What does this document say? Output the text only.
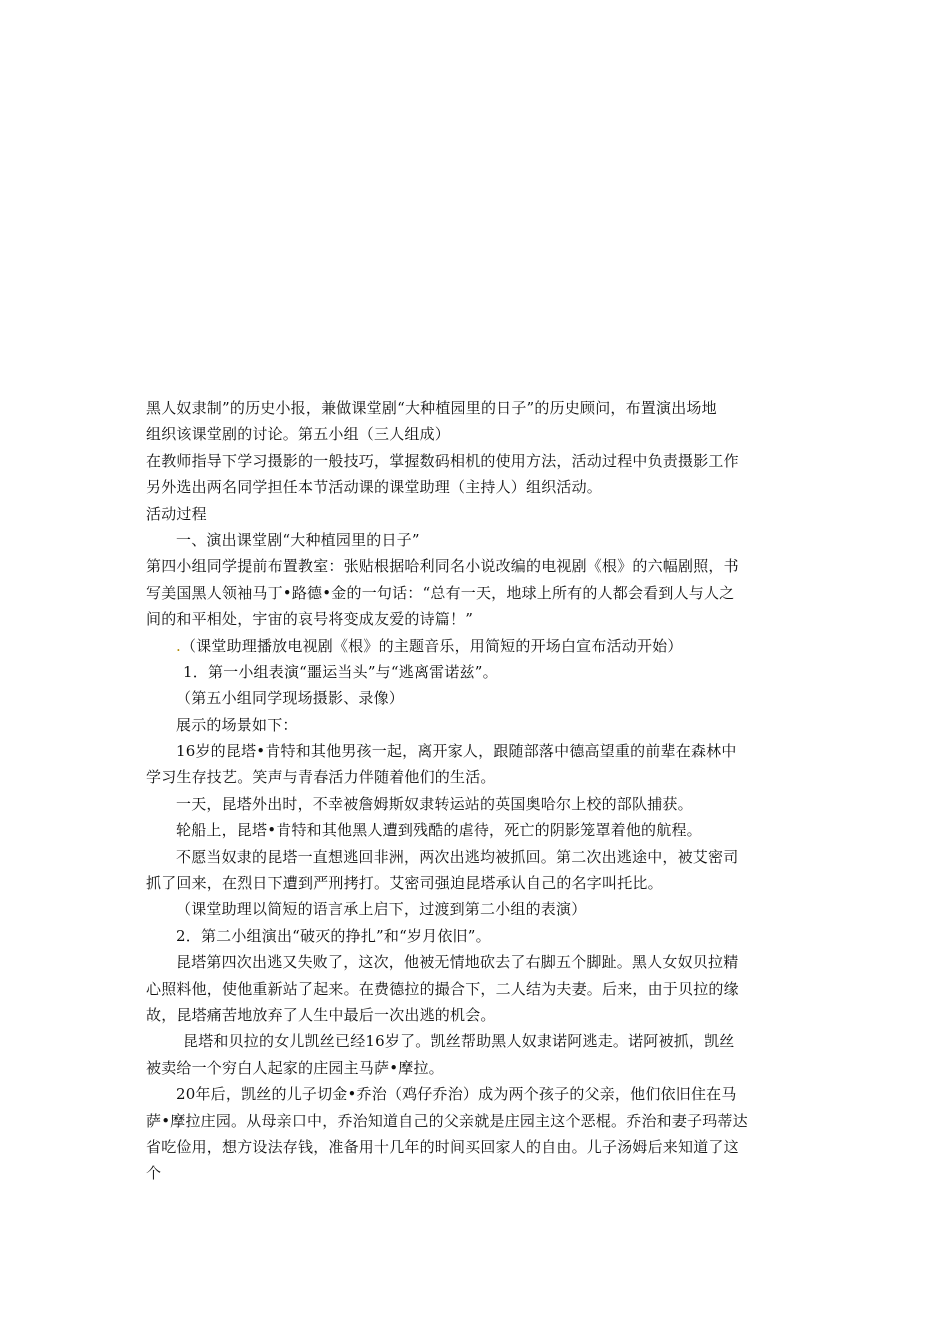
黑人奴隶制”的历史小报，兼做课堂剧“大种植园里的日子”的历史顾问，布置演出场地
组织该课堂剧的讨论。第五小组（三人组成）
在教师指导下学习摄影的一般技巧，掌握数码相机的使用方法，活动过程中负责摄影工作
另外选出两名同学担任本节活动课的课堂助理（主持人）组织活动。
活动过程
一、演出课堂剧“大种植园里的日子”
第四小组同学提前布置教室：张贴根据哈利同名小说改编的电视剧《根》的六幅剧照，书
写美国黑人领袖马丁•路德•金的一句话：“总有一天，地球上所有的人都会看到人与人之
间的和平相处，宇宙的哀号将变成友爱的诗篇！”
.（课堂助理播放电视剧《根》的主题音乐，用简短的开场白宣布活动开始）
1．第一小组表演“噩运当头”与“逃离雷诺兹”。
（第五小组同学现场摄影、录像）
展示的场景如下：
16岁的昆塔•肯特和其他男孩一起，离开家人，跟随部落中德高望重的前辈在森林中
学习生存技艺。笑声与青春活力伴随着他们的生活。
一天，昆塔外出时，不幸被詹姆斯奴隶转运站的英国奥哈尔上校的部队捕获。
轮船上，昆塔•肯特和其他黑人遭到残酷的虐待，死亡的阴影笼罩着他的航程。
不愿当奴隶的昆塔一直想逃回非洲，两次出逃均被抓回。第二次出逃途中，被艾密司
抓了回来，在烈日下遭到严刑拷打。艾密司强迫昆塔承认自己的名字叫托比。
（课堂助理以简短的语言承上启下，过渡到第二小组的表演）
2．第二小组演出“破灭的挣扎”和“岁月依旧”。
昆塔第四次出逃又失败了，这次，他被无情地砍去了右脚五个脚趾。黑人女奴贝拉精
心照料他，使他重新站了起来。在费德拉的撮合下，二人结为夫妻。后来，由于贝拉的缘
故，昆塔痛苦地放弃了人生中最后一次出逃的机会。
昆塔和贝拉的女儿凯丝已经16岁了。凯丝帮助黑人奴隶诺阿逃走。诺阿被抓，凯丝
被卖给一个穷白人起家的庄园主马萨•摩拉。
20年后，凯丝的儿子切金•乔治（鸡仔乔治）成为两个孩子的父亲，他们依旧住在马
萨•摩拉庄园。从母亲口中，乔治知道自己的父亲就是庄园主这个恶棍。乔治和妻子玛蒂达
省吃俭用，想方设法存钱，准备用十几年的时间买回家人的自由。儿子汤姆后来知道了这
个
